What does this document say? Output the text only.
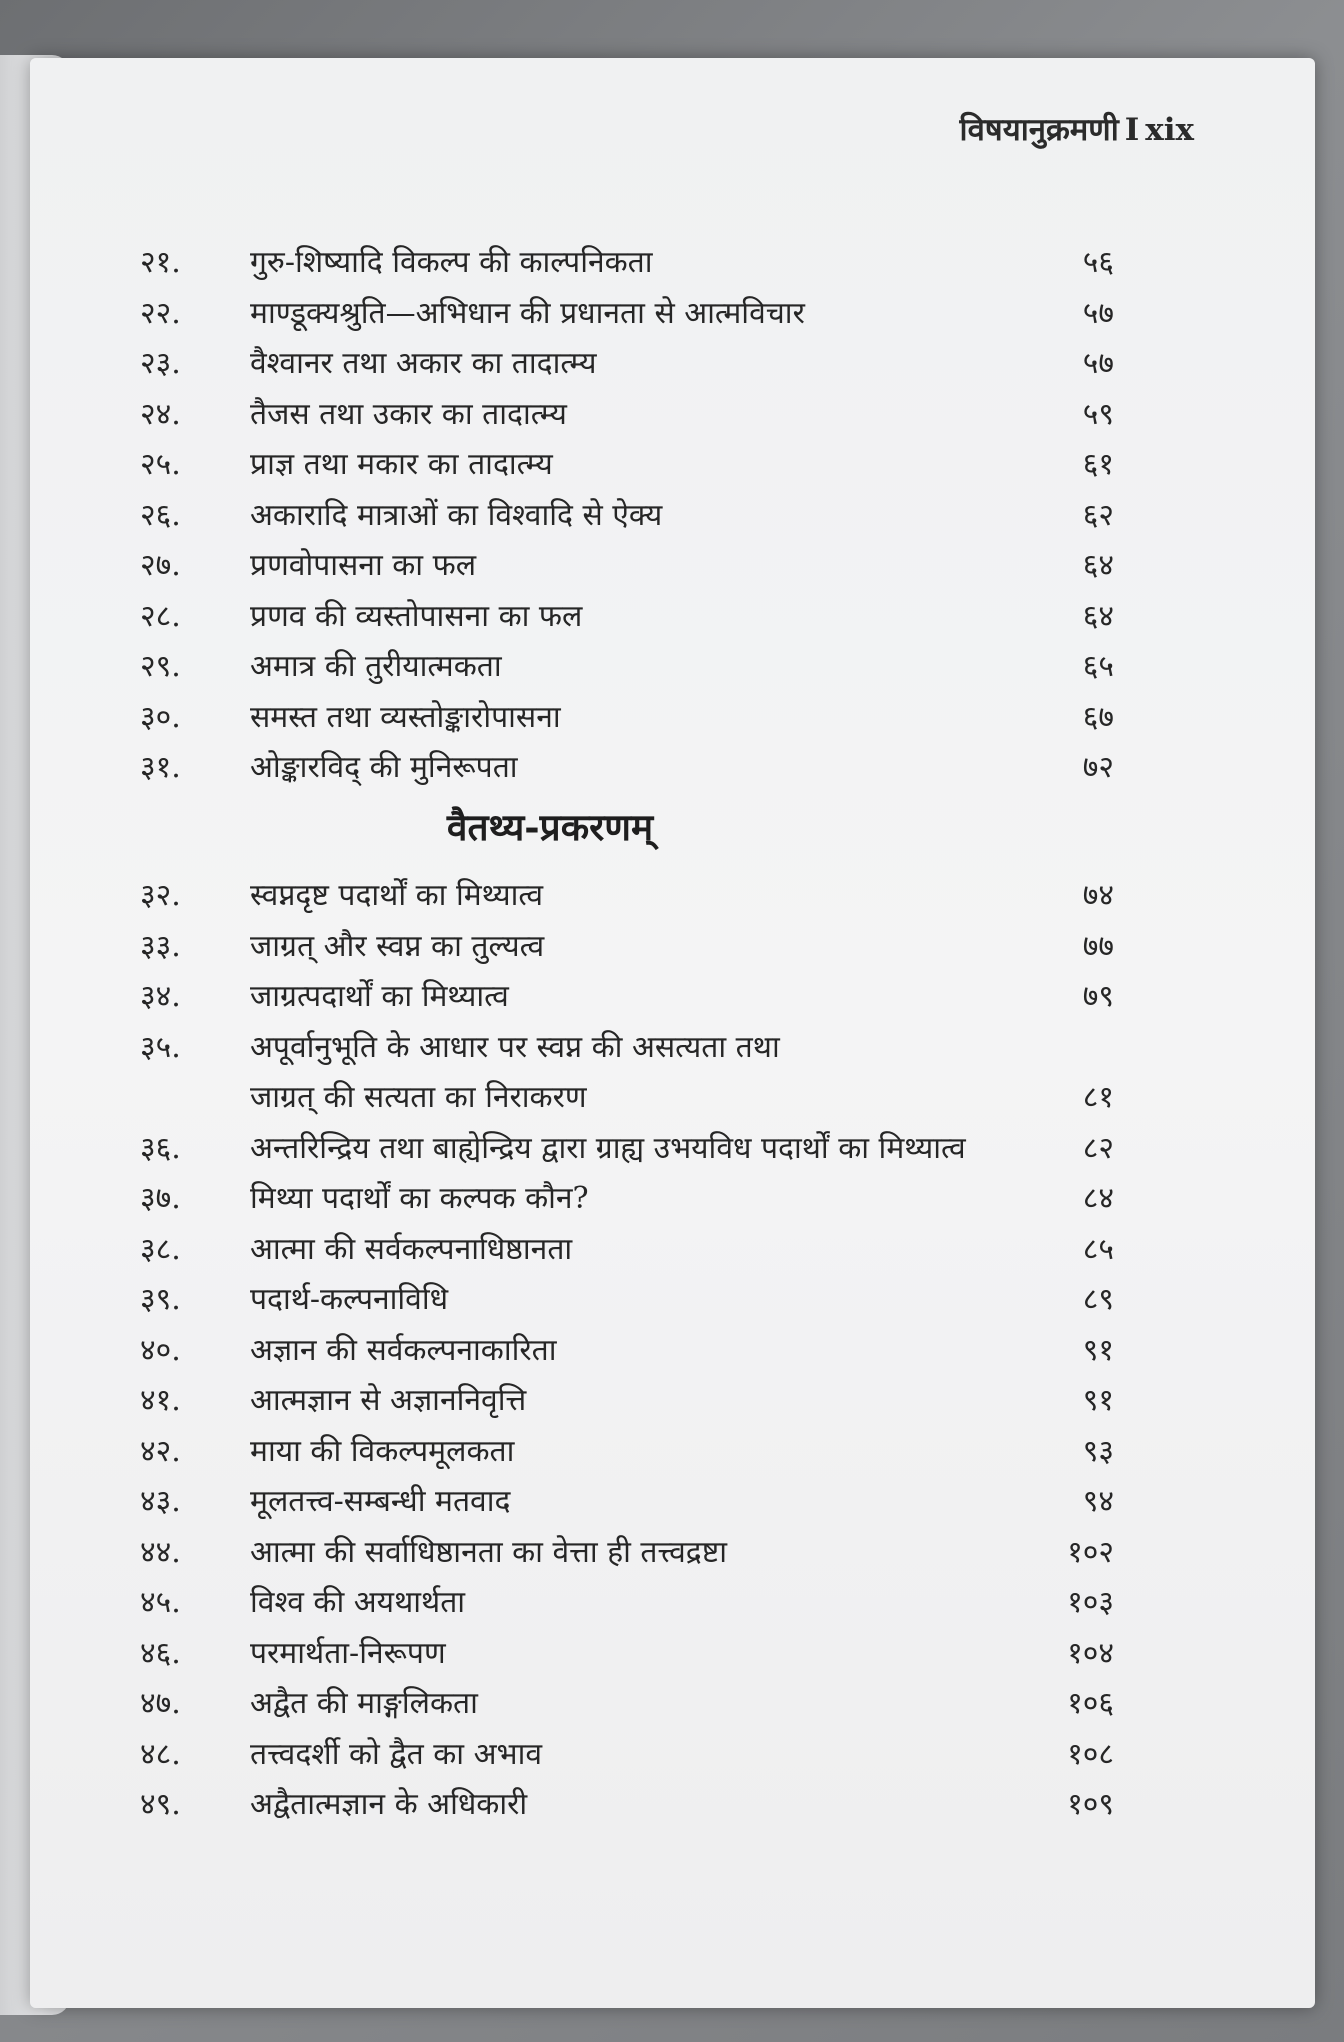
विषयानुक्रमणी I xix
२१. गुरु-शिष्यादि विकल्प की काल्पनिकता	५६
२२. माण्डूक्यश्रुति—अभिधान की प्रधानता से आत्मविचार	५७
२३. वैश्वानर तथा अकार का तादात्म्य	५७
२४. तैजस तथा उकार का तादात्म्य	५९
२५. प्राज्ञ तथा मकार का तादात्म्य	६१
२६. अकारादि मात्राओं का विश्वादि से ऐक्य	६२
२७. प्रणवोपासना का फल	६४
२८. प्रणव की व्यस्तोपासना का फल	६४
२९. अमात्र की तुरीयात्मकता	६५
३०. समस्त तथा व्यस्तोङ्कारोपासना	६७
३१. ओङ्कारविद् की मुनिरूपता	७२
वैतथ्य-प्रकरणम्
३२. स्वप्नदृष्ट पदार्थों का मिथ्यात्व	७४
३३. जाग्रत् और स्वप्न का तुल्यत्व	७७
३४. जाग्रत्पदार्थों का मिथ्यात्व	७९
३५. अपूर्वानुभूति के आधार पर स्वप्न की असत्यता तथा
जाग्रत् की सत्यता का निराकरण	८१
३६. अन्तरिन्द्रिय तथा बाह्येन्द्रिय द्वारा ग्राह्य उभयविध पदार्थों का मिथ्यात्व	८२
३७. मिथ्या पदार्थों का कल्पक कौन?	८४
३८. आत्मा की सर्वकल्पनाधिष्ठानता	८५
३९. पदार्थ-कल्पनाविधि	८९
४०. अज्ञान की सर्वकल्पनाकारिता	९१
४१. आत्मज्ञान से अज्ञाननिवृत्ति	९१
४२. माया की विकल्पमूलकता	९३
४३. मूलतत्त्व-सम्बन्धी मतवाद	९४
४४. आत्मा की सर्वाधिष्ठानता का वेत्ता ही तत्त्वद्रष्टा	१०२
४५. विश्व की अयथार्थता	१०३
४६. परमार्थता-निरूपण	१०४
४७. अद्वैत की माङ्गलिकता	१०६
४८. तत्त्वदर्शी को द्वैत का अभाव	१०८
४९. अद्वैतात्मज्ञान के अधिकारी	१०९
